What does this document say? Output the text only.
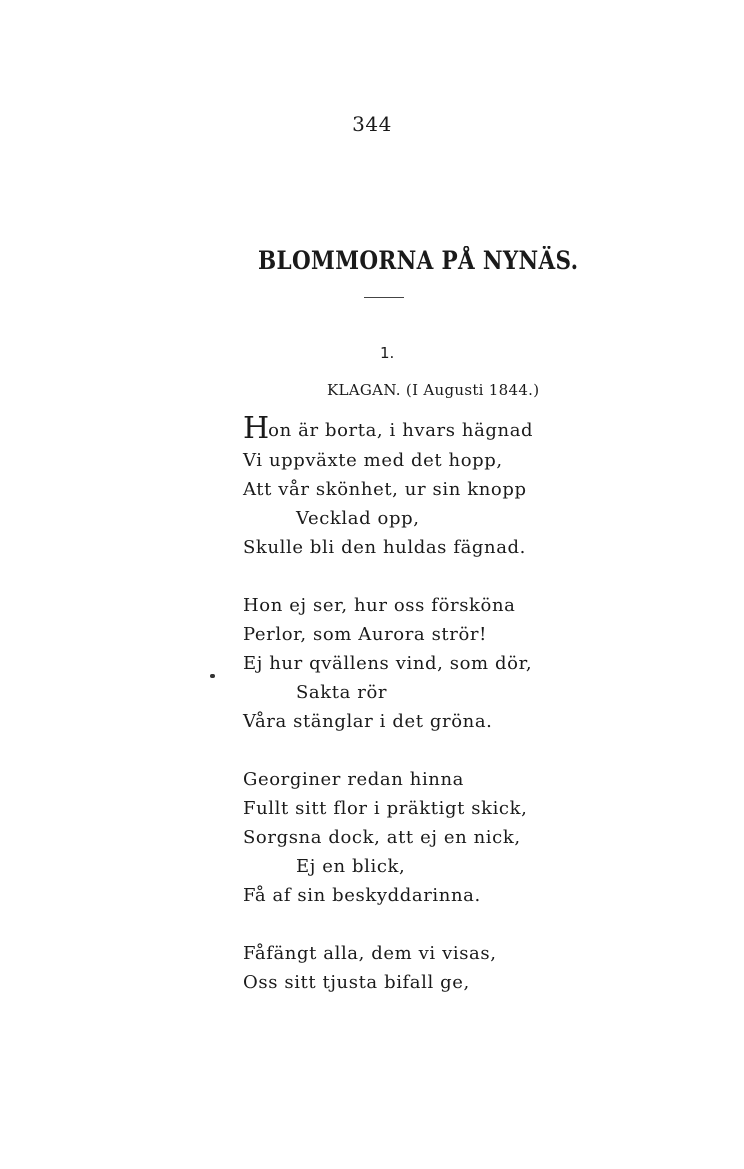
344
BLOMMORNA PÅ NYNÄS.
1.
KLAGAN. (I Augusti 1844.)
Hon är borta, i hvars hägnad
Vi uppväxte med det hopp,
Att vår skönhet, ur sin knopp
Vecklad opp,
Skulle bli den huldas fägnad.
Hon ej ser, hur oss försköna
Perlor, som Aurora strör!
Ej hur qvällens vind, som dör,
Sakta rör
Våra stänglar i det gröna.
Georginer redan hinna
Fullt sitt flor i präktigt skick,
Sorgsna dock, att ej en nick,
Ej en blick,
Få af sin beskyddarinna.
Fåfängt alla, dem vi visas,
Oss sitt tjusta bifall ge,
